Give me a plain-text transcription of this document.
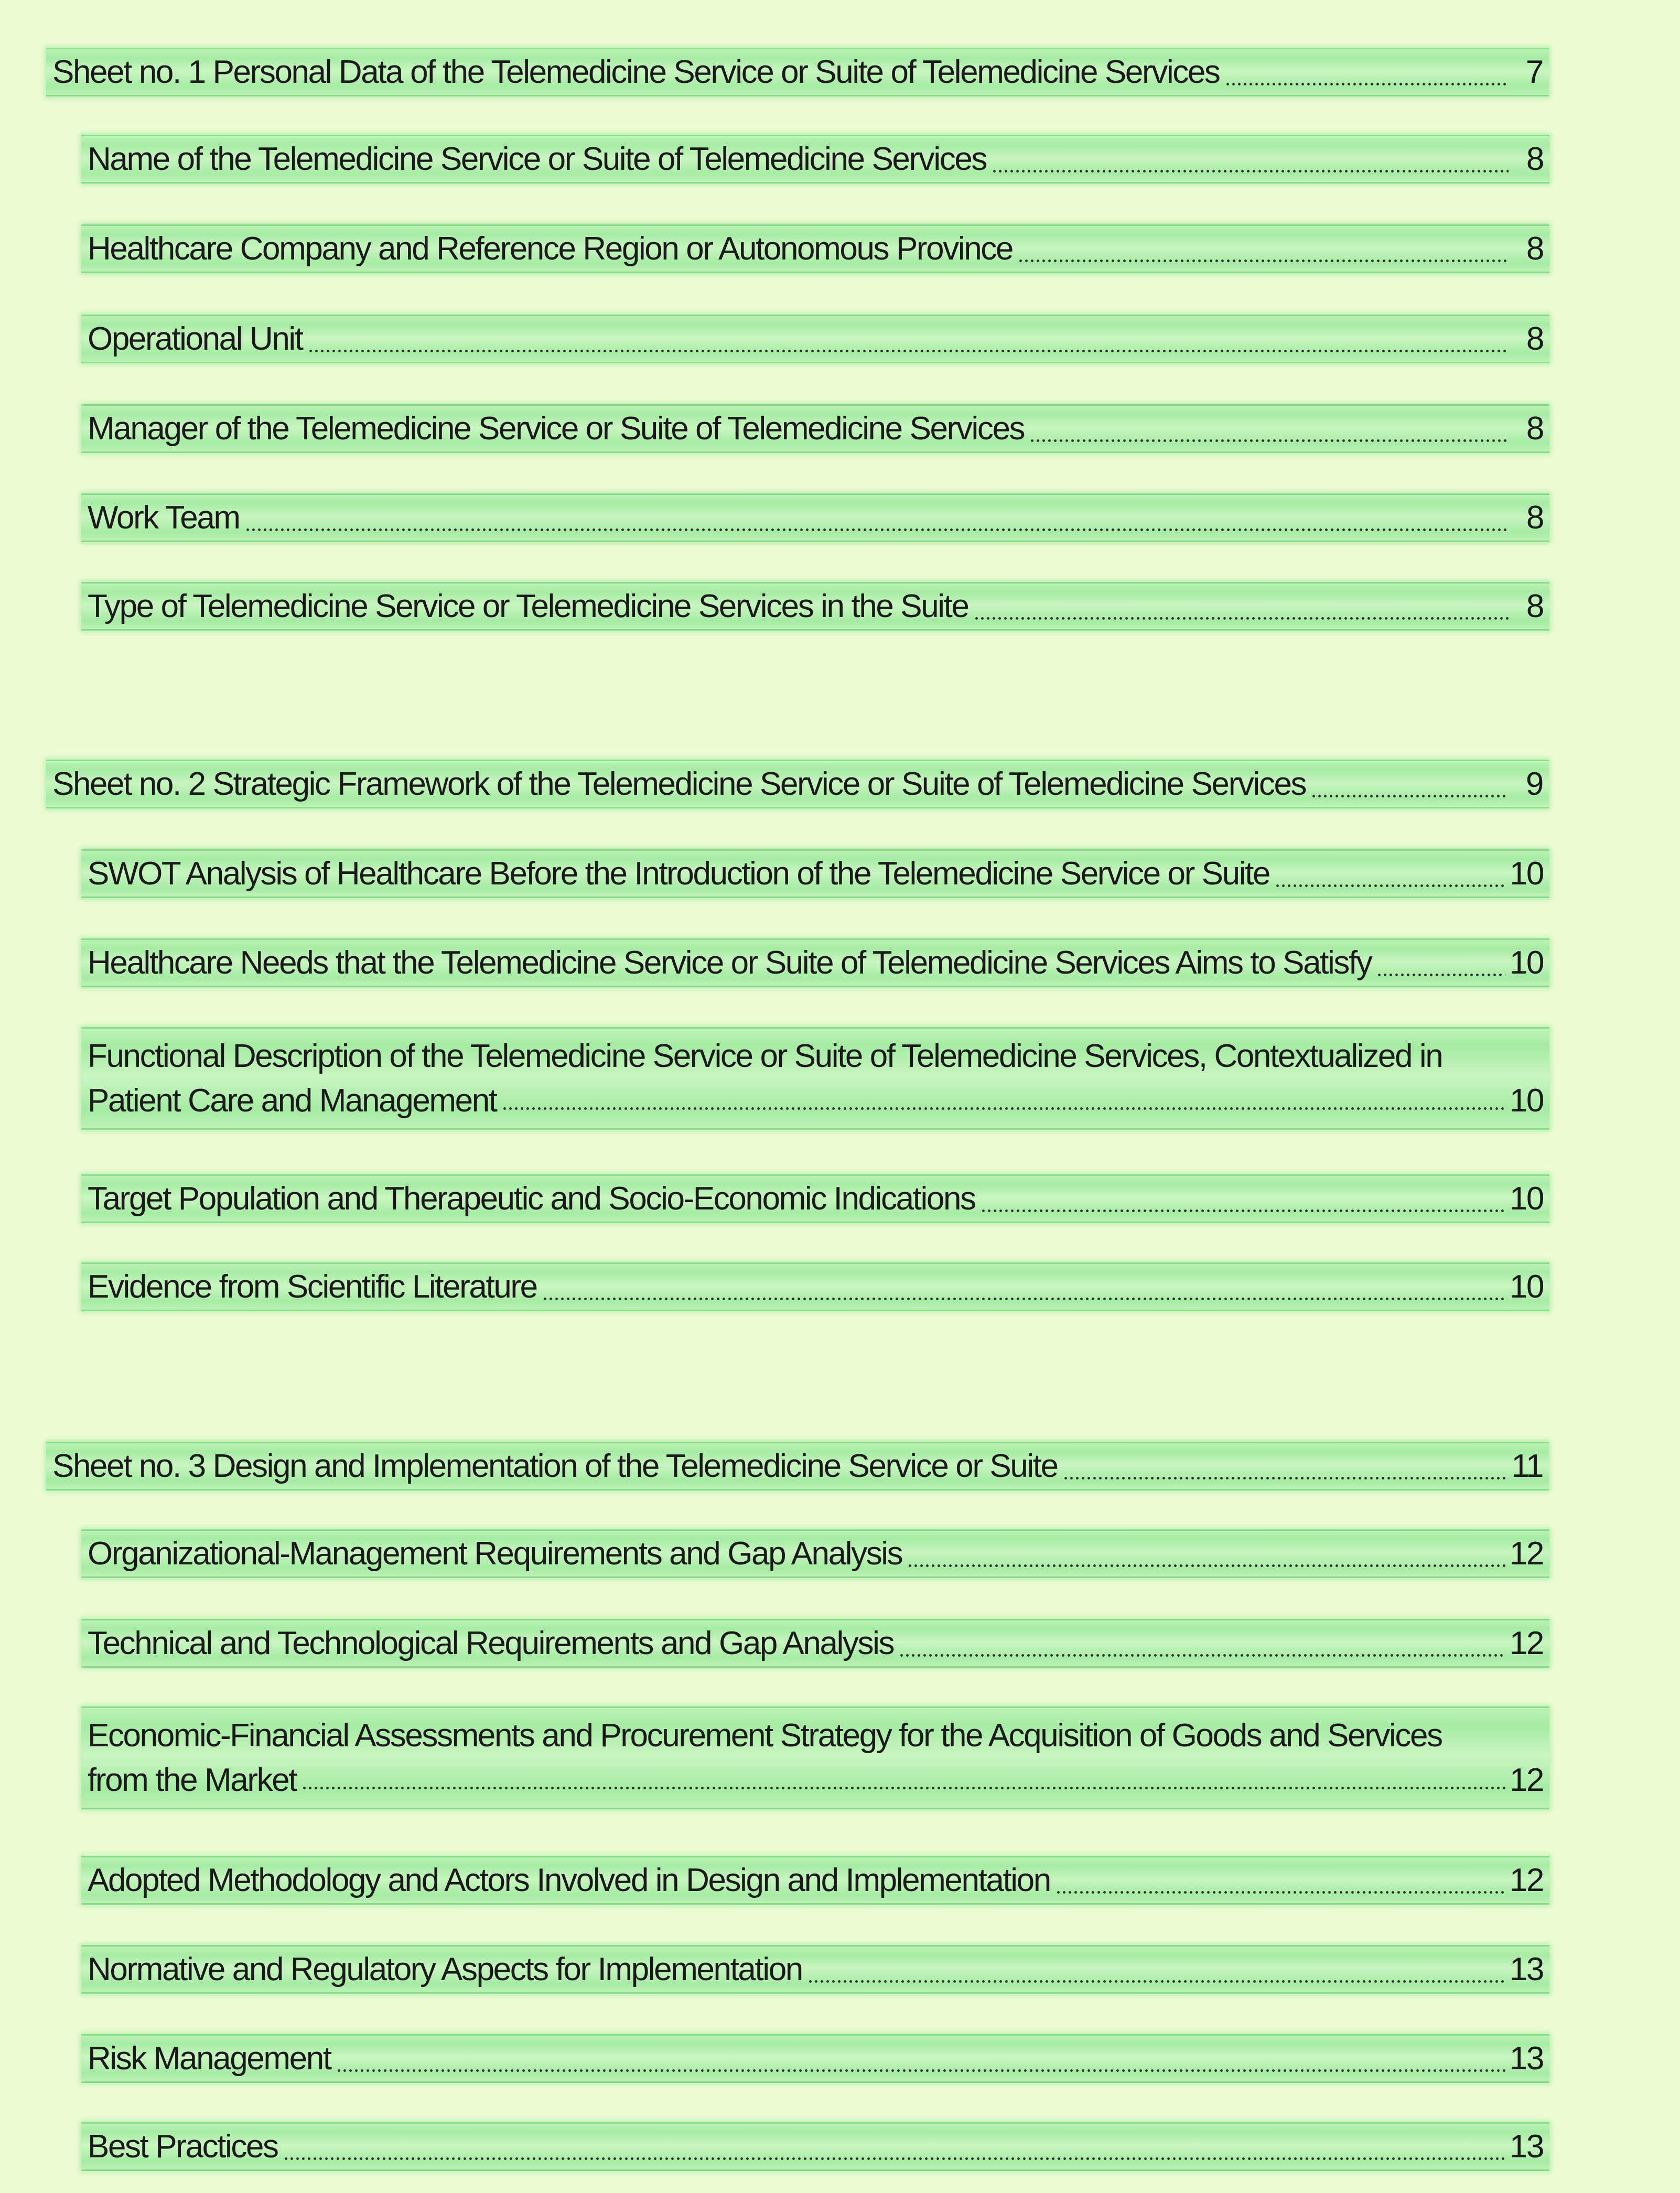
Sheet no. 1 Personal Data of the Telemedicine Service or Suite of Telemedicine Services	7
Name of the Telemedicine Service or Suite of Telemedicine Services	8
Healthcare Company and Reference Region or Autonomous Province	8
Operational Unit	8
Manager of the Telemedicine Service or Suite of Telemedicine Services	8
Work Team	8
Type of Telemedicine Service or Telemedicine Services in the Suite	8
Sheet no. 2 Strategic Framework of the Telemedicine Service or Suite of Telemedicine Services	9
SWOT Analysis of Healthcare Before the Introduction of the Telemedicine Service or Suite	10
Healthcare Needs that the Telemedicine Service or Suite of Telemedicine Services Aims to Satisfy	10
Functional Description of the Telemedicine Service or Suite of Telemedicine Services, Contextualized in
Patient Care and Management	10
Target Population and Therapeutic and Socio-Economic Indications	10
Evidence from Scientific Literature	10
Sheet no. 3 Design and Implementation of the Telemedicine Service or Suite	11
Organizational-Management Requirements and Gap Analysis	12
Technical and Technological Requirements and Gap Analysis	12
Economic-Financial Assessments and Procurement Strategy for the Acquisition of Goods and Services
from the Market	12
Adopted Methodology and Actors Involved in Design and Implementation	12
Normative and Regulatory Aspects for Implementation	13
Risk Management	13
Best Practices	13
